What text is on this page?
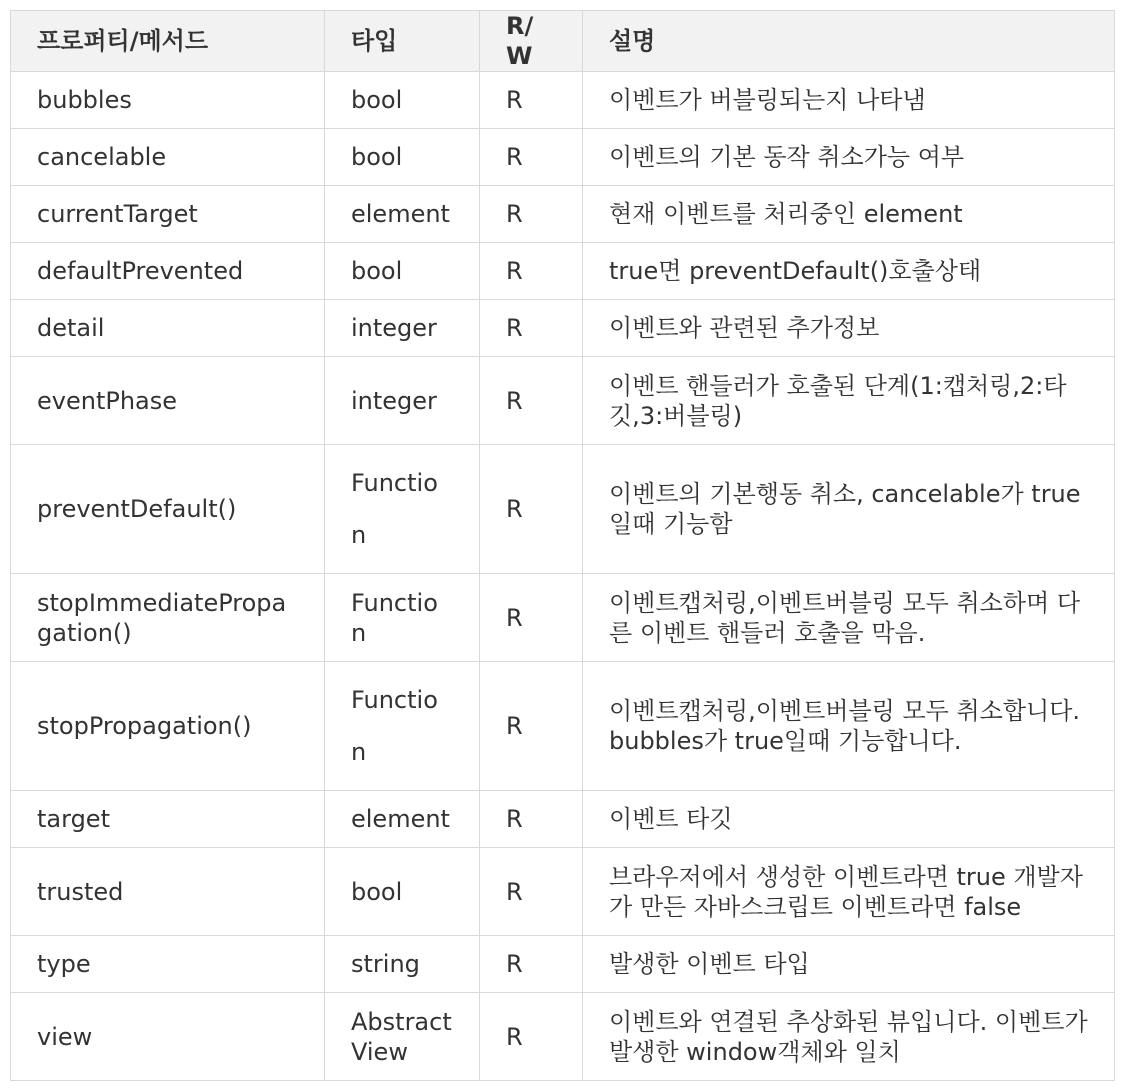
프로퍼티/메서드	타입	R/W	설명
bubbles	bool	R	이벤트가 버블링되는지 나타냄
cancelable	bool	R	이벤트의 기본 동작 취소가능 여부
currentTarget	element	R	현재 이벤트를 처리중인 element
defaultPrevented	bool	R	true면 preventDefault()호출상태
detail	integer	R	이벤트와 관련된 추가정보
eventPhase	integer	R	이벤트 핸들러가 호출된 단계(1:캡처링,2:타깃,3:버블링)
preventDefault()	Function	R	이벤트의 기본행동 취소, cancelable가 true일때 기능함
stopImmediatePropagation()	Function	R	이벤트캡처링,이벤트버블링 모두 취소하며 다른 이벤트 핸들러 호출을 막음.
stopPropagation()	Function	R	이벤트캡처링,이벤트버블링 모두 취소합니다. bubbles가 true일때 기능합니다.
target	element	R	이벤트 타깃
trusted	bool	R	브라우저에서 생성한 이벤트라면 true 개발자가 만든 자바스크립트 이벤트라면 false
type	string	R	발생한 이벤트 타입
view	AbstractView	R	이벤트와 연결된 추상화된 뷰입니다. 이벤트가 발생한 window객체와 일치
